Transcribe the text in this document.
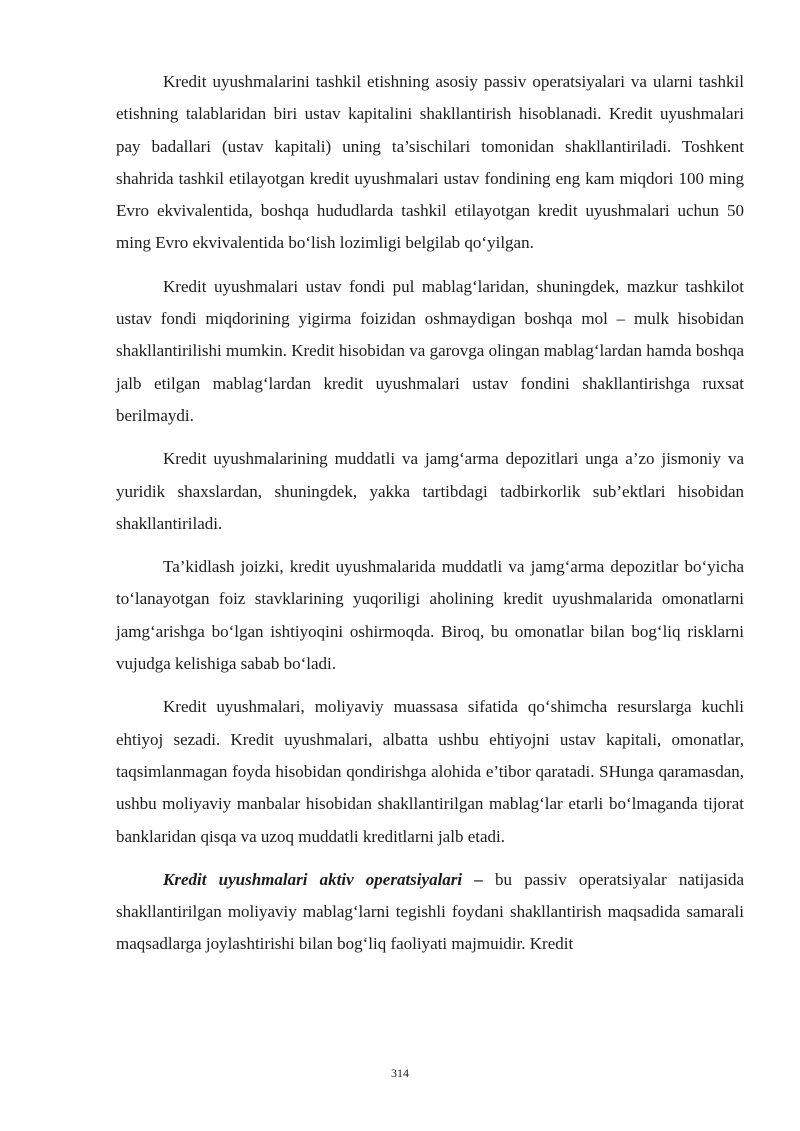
Kredit uyushmalarini tashkil etishning asosiy passiv operatsiyalari va ularni tashkil etishning talablaridan biri ustav kapitalini shakllantirish hisoblanadi. Kredit uyushmalari pay badallari (ustav kapitali) uning ta’sischilari tomonidan shakllantiriladi. Toshkent shahrida tashkil etilayotgan kredit uyushmalari ustav fondining eng kam miqdori 100 ming Evro ekvivalentida, boshqa hududlarda tashkil etilayotgan kredit uyushmalari uchun 50 ming Evro ekvivalentida bo‘lish lozimligi belgilab qo‘yilgan.

Kredit uyushmalari ustav fondi pul mablag‘laridan, shuningdek, mazkur tashkilot ustav fondi miqdorining yigirma foizidan oshmaydigan boshqa mol – mulk hisobidan shakllantirilishi mumkin. Kredit hisobidan va garovga olingan mablag‘lardan hamda boshqa jalb etilgan mablag‘lardan kredit uyushmalari ustav fondini shakllantirishga ruxsat berilmaydi.

Kredit uyushmalarining muddatli va jamg‘arma depozitlari unga a’zo jismoniy va yuridik shaxslardan, shuningdek, yakka tartibdagi tadbirkorlik sub’ektlari hisobidan shakllantiriladi.

Ta’kidlash joizki, kredit uyushmalarida muddatli va jamg‘arma depozitlar bo‘yicha to‘lanayotgan foiz stavklarining yuqoriligi aholining kredit uyushmalarida omonatlarni jamg‘arishga bo‘lgan ishtiyoqini oshirmoqda. Biroq, bu omonatlar bilan bog‘liq risklarni vujudga kelishiga sabab bo‘ladi.

Kredit uyushmalari, moliyaviy muassasa sifatida qo‘shimcha resurslarga kuchli ehtiyoj sezadi. Kredit uyushmalari, albatta ushbu ehtiyojni ustav kapitali, omonatlar, taqsimlanmagan foyda hisobidan qondirishga alohida e’tibor qaratadi. SHunga qaramasdan, ushbu moliyaviy manbalar hisobidan shakllantirilgan mablag‘lar etarli bo‘lmaganda tijorat banklaridan qisqa va uzoq muddatli kreditlarni jalb etadi.

Kredit uyushmalari aktiv operatsiyalari – bu passiv operatsiyalar natijasida shakllantirilgan moliyaviy mablag‘larni tegishli foydani shakllantirish maqsadida samarali maqsadlarga joylashtirishi bilan bog‘liq faoliyati majmuidir. Kredit

314
